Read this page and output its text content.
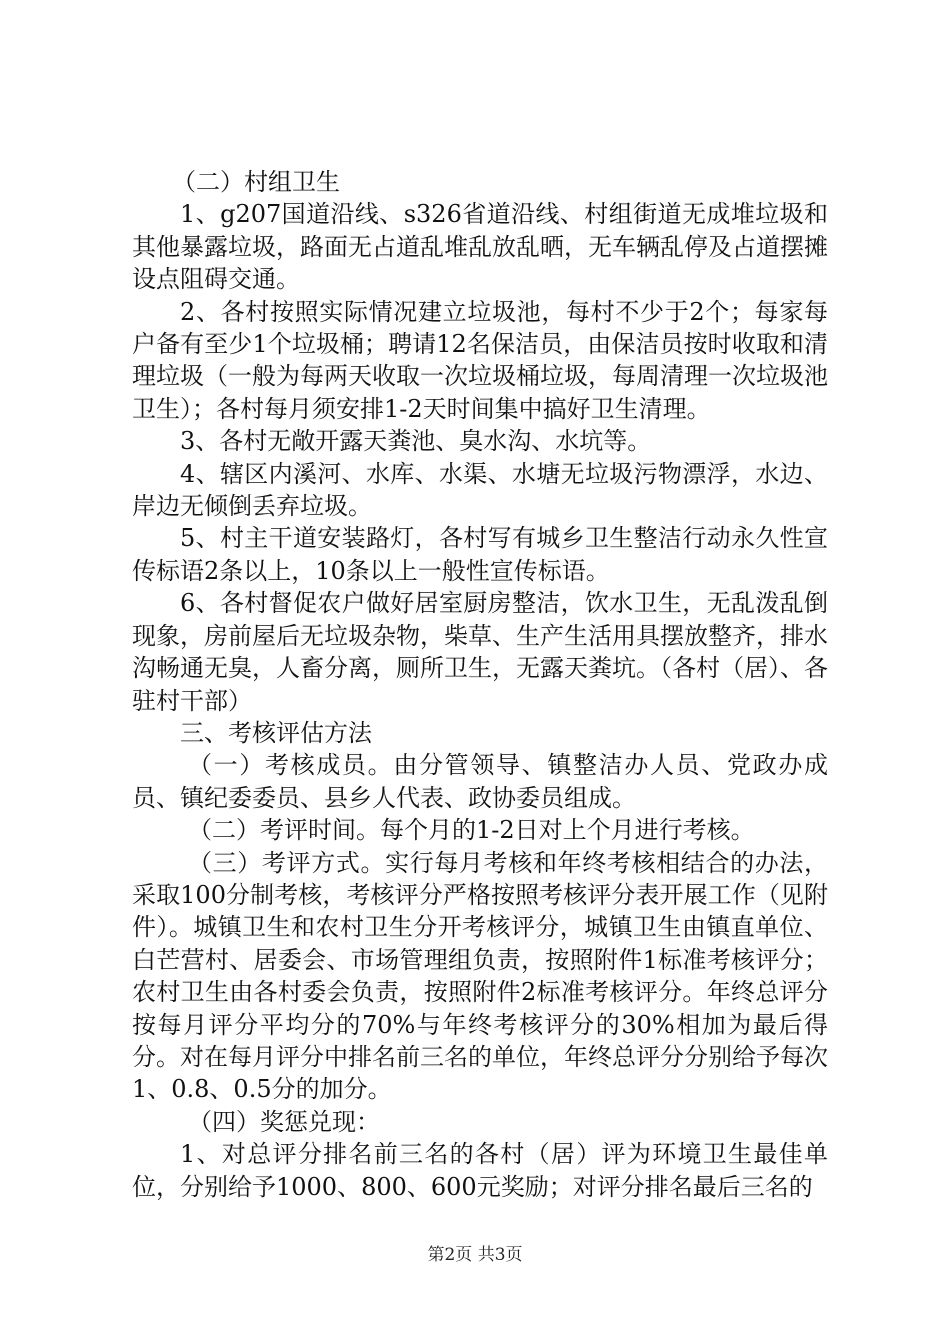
（二）村组卫生

1、g207国道沿线、s326省道沿线、村组街道无成堆垃圾和其他暴露垃圾，路面无占道乱堆乱放乱晒，无车辆乱停及占道摆摊设点阻碍交通。

2、各村按照实际情况建立垃圾池，每村不少于2个；每家每户备有至少1个垃圾桶；聘请12名保洁员，由保洁员按时收取和清理垃圾（一般为每两天收取一次垃圾桶垃圾，每周清理一次垃圾池卫生）；各村每月须安排1-2天时间集中搞好卫生清理。

3、各村无敞开露天粪池、臭水沟、水坑等。

4、辖区内溪河、水库、水渠、水塘无垃圾污物漂浮，水边、岸边无倾倒丢弃垃圾。

5、村主干道安装路灯，各村写有城乡卫生整洁行动永久性宣传标语2条以上，10条以上一般性宣传标语。

6、各村督促农户做好居室厨房整洁，饮水卫生，无乱泼乱倒现象，房前屋后无垃圾杂物，柴草、生产生活用具摆放整齐，排水沟畅通无臭，人畜分离，厕所卫生，无露天粪坑。（各村（居）、各驻村干部）

三、考核评估方法

（一）考核成员。由分管领导、镇整洁办人员、党政办成员、镇纪委委员、县乡人代表、政协委员组成。

（二）考评时间。每个月的1-2日对上个月进行考核。

（三）考评方式。实行每月考核和年终考核相结合的办法，采取100分制考核，考核评分严格按照考核评分表开展工作（见附件）。城镇卫生和农村卫生分开考核评分，城镇卫生由镇直单位、白芒营村、居委会、市场管理组负责，按照附件1标准考核评分；农村卫生由各村委会负责，按照附件2标准考核评分。年终总评分按每月评分平均分的70%与年终考核评分的30%相加为最后得分。对在每月评分中排名前三名的单位，年终总评分分别给予每次1、0.8、0.5分的加分。

（四）奖惩兑现：

1、对总评分排名前三名的各村（居）评为环境卫生最佳单位，分别给予1000、800、600元奖励；对评分排名最后三名的

第2页 共3页
